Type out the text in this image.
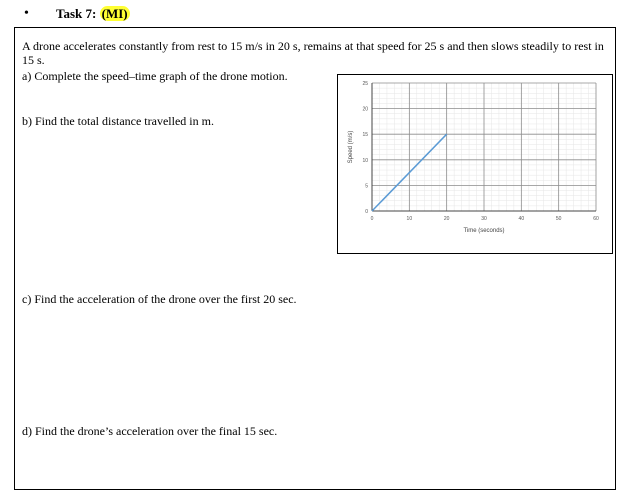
• Task 7: (MI)
A drone accelerates constantly from rest to 15 m/s in 20 s, remains at that speed for 25 s and then slows steadily to rest in 15 s.
a) Complete the speed–time graph of the drone motion.
b) Find the total distance travelled in m.
c) Find the acceleration of the drone over the first 20 sec.
d) Find the drone’s acceleration over the final 15 sec.
0
5
10
15
20
25
0	10	20	30	40	50	60
Time (seconds)
Speed (m/s)
